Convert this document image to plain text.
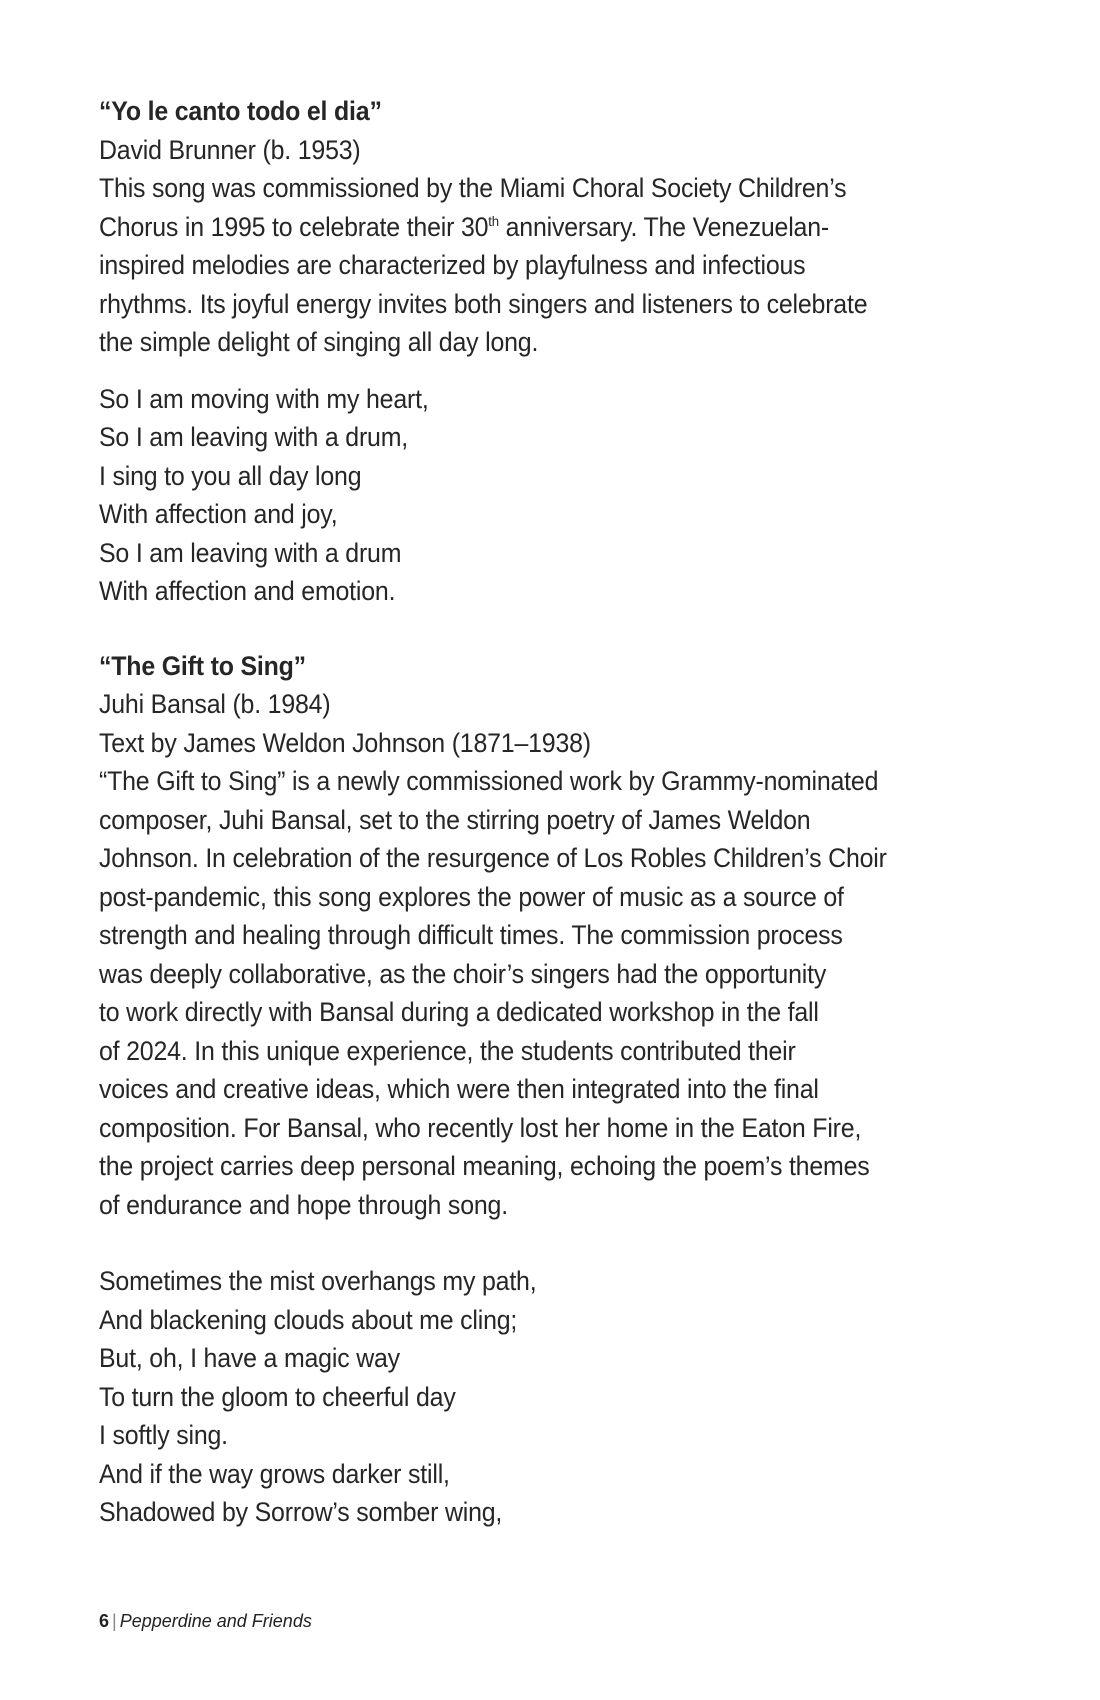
“Yo le canto todo el dia”
David Brunner (b. 1953)
This song was commissioned by the Miami Choral Society Children’s
Chorus in 1995 to celebrate their 30th anniversary. The Venezuelan-
inspired melodies are characterized by playfulness and infectious
rhythms. Its joyful energy invites both singers and listeners to celebrate
the simple delight of singing all day long.
So I am moving with my heart,
So I am leaving with a drum,
I sing to you all day long
With affection and joy,
So I am leaving with a drum
With affection and emotion.
“The Gift to Sing”
Juhi Bansal (b. 1984)
Text by James Weldon Johnson (1871–1938)
“The Gift to Sing” is a newly commissioned work by Grammy-nominated
composer, Juhi Bansal, set to the stirring poetry of James Weldon
Johnson. In celebration of the resurgence of Los Robles Children’s Choir
post-pandemic, this song explores the power of music as a source of
strength and healing through difficult times. The commission process
was deeply collaborative, as the choir’s singers had the opportunity
to work directly with Bansal during a dedicated workshop in the fall
of 2024. In this unique experience, the students contributed their
voices and creative ideas, which were then integrated into the final
composition. For Bansal, who recently lost her home in the Eaton Fire,
the project carries deep personal meaning, echoing the poem’s themes
of endurance and hope through song.
Sometimes the mist overhangs my path,
And blackening clouds about me cling;
But, oh, I have a magic way
To turn the gloom to cheerful day
I softly sing.
And if the way grows darker still,
Shadowed by Sorrow’s somber wing,
6 | Pepperdine and Friends
